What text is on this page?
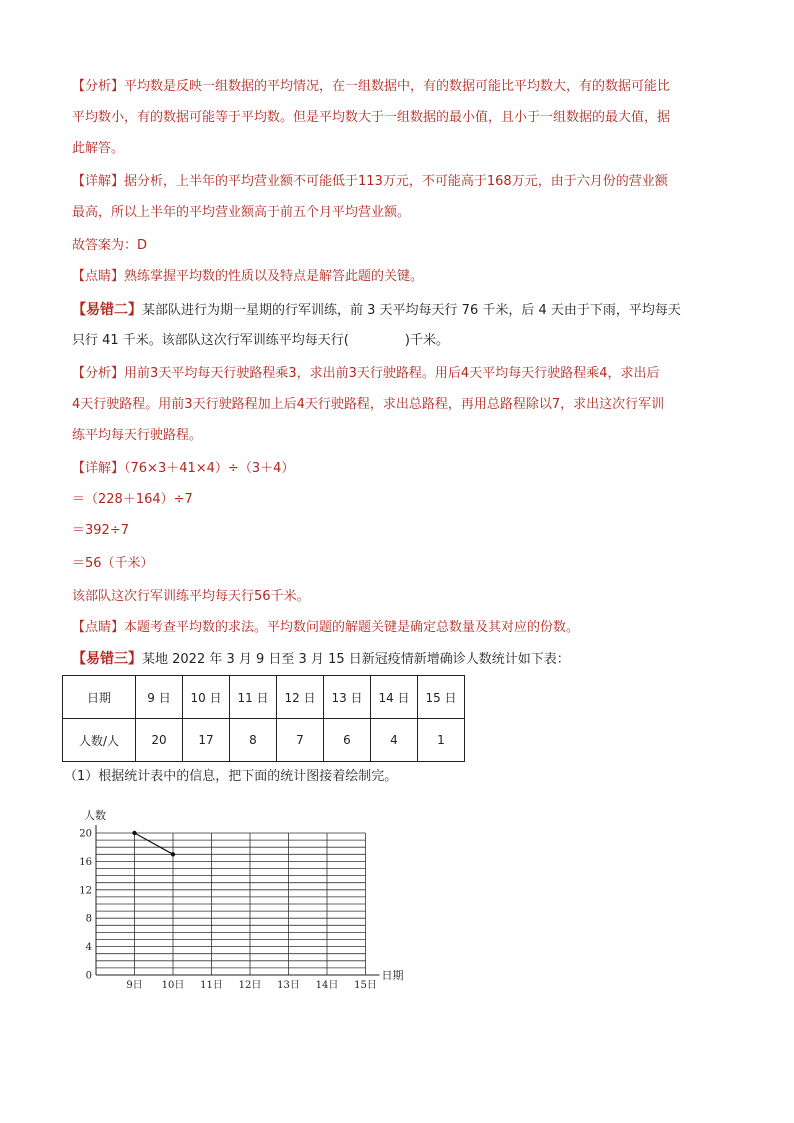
【分析】平均数是反映一组数据的平均情况，在一组数据中，有的数据可能比平均数大，有的数据可能比
平均数小，有的数据可能等于平均数。但是平均数大于一组数据的最小值，且小于一组数据的最大值，据
此解答。
【详解】据分析，上半年的平均营业额不可能低于113万元，不可能高于168万元，由于六月份的营业额
最高，所以上半年的平均营业额高于前五个月平均营业额。
故答案为：D
【点睛】熟练掌握平均数的性质以及特点是解答此题的关键。
【易错二】某部队进行为期一星期的行军训练，前 3 天平均每天行 76 千米，后 4 天由于下雨，平均每天
只行 41 千米。该部队这次行军训练平均每天行(	)千米。
【分析】用前3天平均每天行驶路程乘3，求出前3天行驶路程。用后4天平均每天行驶路程乘4，求出后
4天行驶路程。用前3天行驶路程加上后4天行驶路程，求出总路程，再用总路程除以7，求出这次行军训
练平均每天行驶路程。
【详解】（76×3＋41×4）÷（3＋4）
＝（228＋164）÷7
＝392÷7
＝56（千米）
该部队这次行军训练平均每天行56千米。
【点睛】本题考查平均数的求法。平均数问题的解题关键是确定总数量及其对应的份数。
【易错三】某地 2022 年 3 月 9 日至 3 月 15 日新冠疫情新增确诊人数统计如下表：
日期	9 日	10 日	11 日	12 日	13 日	14 日	15 日
人数/人	20	17	8	7	6	4	1
（1）根据统计表中的信息，把下面的统计图接着绘制完。
0
4
8
12
16
20
9日 10日 11日 12日 13日 14日 15日
人数
日期
